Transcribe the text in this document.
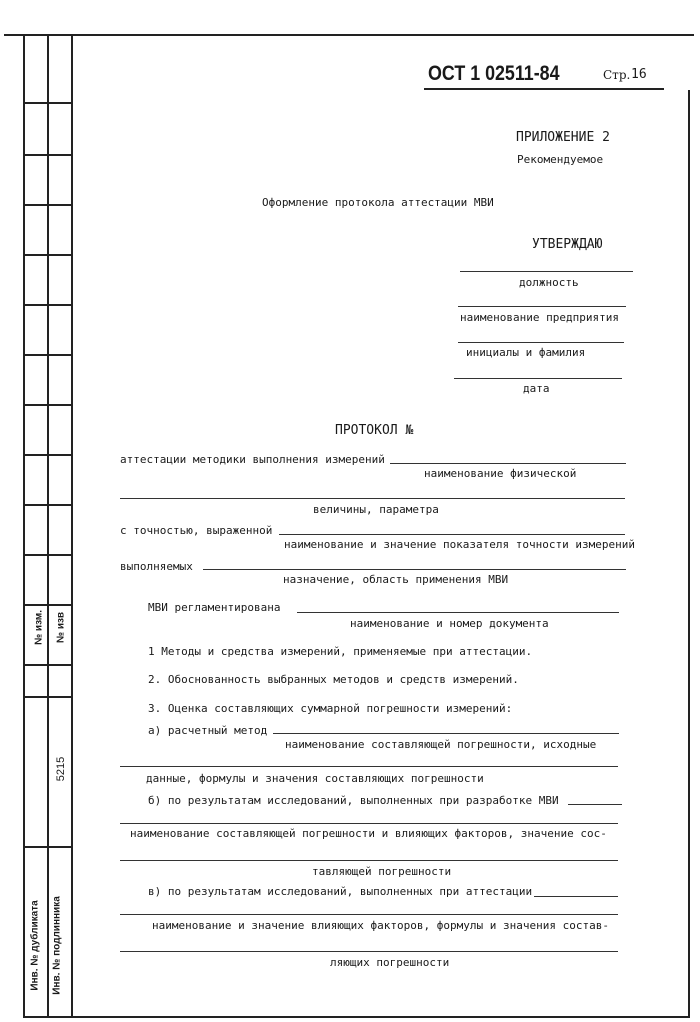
№ изм. № изв
5215
Инв. № дубликата Инв. № подлинника
ОСТ 1 02511-84	Стр. 16
ПРИЛОЖЕНИЕ 2
Рекомендуемое
Оформление протокола аттестации МВИ
УТВЕРЖДАЮ
должность
наименование предприятия
инициалы и фамилия
дата
ПРОТОКОЛ №
аттестации методики выполнения измерений
наименование физической
величины, параметра
с точностью, выраженной
наименование и значение показателя точности измерений
выполняемых
назначение, область применения МВИ
МВИ регламентирована
наименование и номер документа
1 Методы и средства измерений, применяемые при аттестации.
2. Обоснованность выбранных методов и средств измерений.
3. Оценка составляющих суммарной погрешности измерений:
а) расчетный метод
наименование составляющей погрешности, исходные
данные, формулы и значения составляющих погрешности
б) по результатам исследований, выполненных при разработке МВИ
наименование составляющей погрешности и влияющих факторов, значение сос-
тавляющей погрешности
в) по результатам исследований, выполненных при аттестации
наименование и значение влияющих факторов, формулы и значения состав-
ляющих погрешности
